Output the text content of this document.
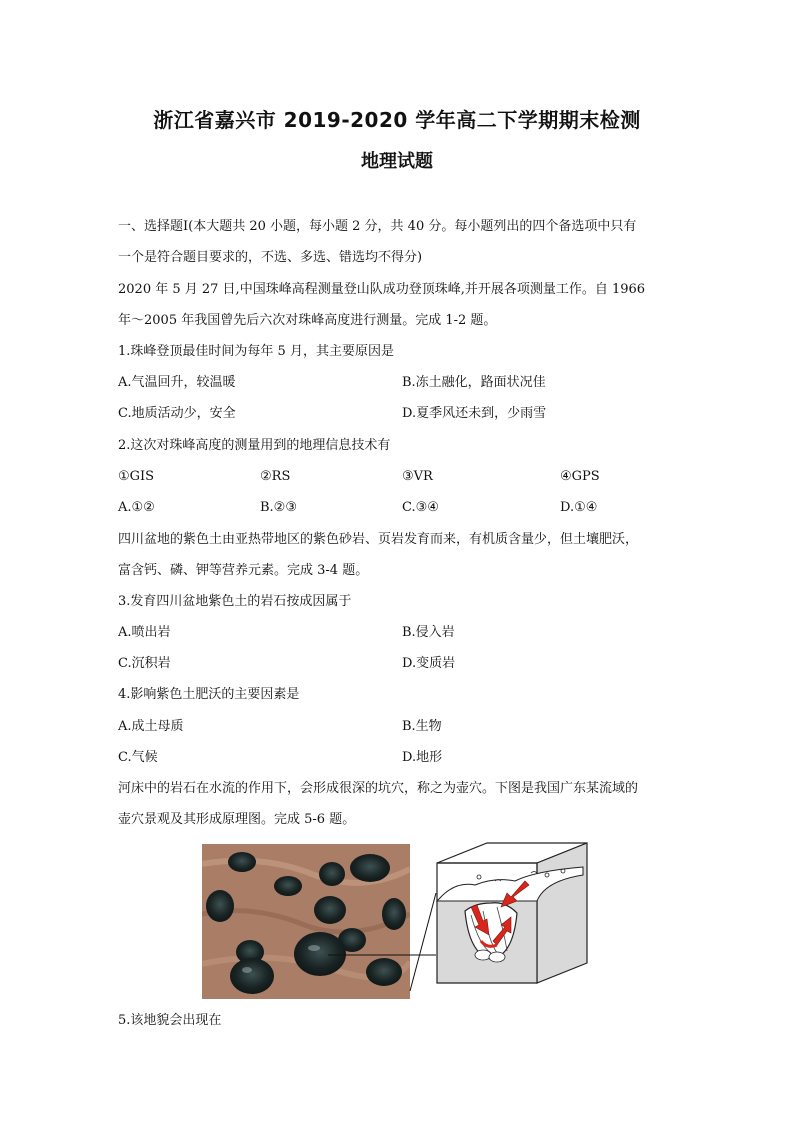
浙江省嘉兴市 2019-2020 学年高二下学期期末检测
地理试题
一、选择题Ⅰ(本大题共 20 小题，每小题 2 分，共 40 分。每小题列出的四个备选项中只有
一个是符合题目要求的，不选、多选、错选均不得分)
2020 年 5 月 27 日,中国珠峰高程测量登山队成功登顶珠峰,并开展各项测量工作。自 1966
年～2005 年我国曾先后六次对珠峰高度进行测量。完成 1-2 题。
1.珠峰登顶最佳时间为每年 5 月，其主要原因是
A.气温回升，较温暖	B.冻土融化，路面状况佳
C.地质活动少，安全	D.夏季风还未到，少雨雪
2.这次对珠峰高度的测量用到的地理信息技术有
①GIS	②RS	③VR	④GPS
A.①②	B.②③	C.③④	D.①④
四川盆地的紫色土由亚热带地区的紫色砂岩、页岩发育而来，有机质含量少，但土壤肥沃，
富含钙、磷、钾等营养元素。完成 3-4 题。
3.发育四川盆地紫色土的岩石按成因属于
A.喷出岩	B.侵入岩
C.沉积岩	D.变质岩
4.影响紫色土肥沃的主要因素是
A.成土母质	B.生物
C.气候	D.地形
河床中的岩石在水流的作用下，会形成很深的坑穴，称之为壶穴。下图是我国广东某流域的
壶穴景观及其形成原理图。完成 5-6 题。
5.该地貌会出现在
